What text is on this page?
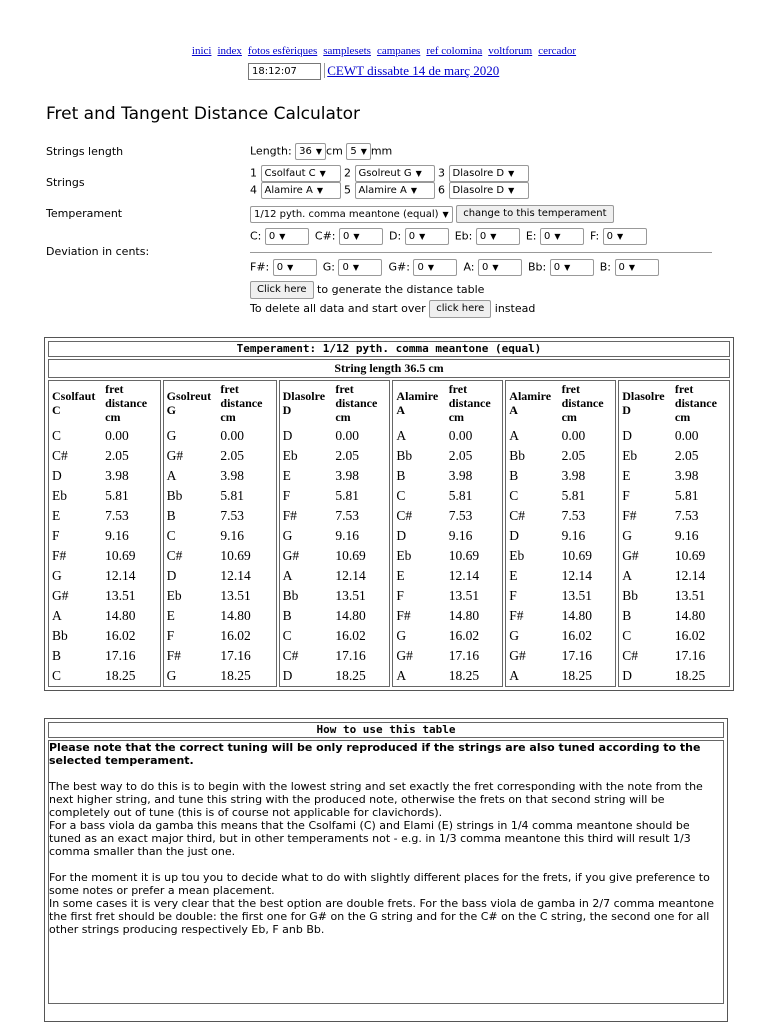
inici index fotos esfèriques samplesets campanes ref colomina voltforum cercador
18:12:07 CEWT dissabte 14 de març 2020
Fret and Tangent Distance Calculator
Strings length	Length: 36 ▼ cm 5 ▼ mm
Strings
1 Csolfaut C ▼ 2 Gsolreut G ▼ 3 Dlasolre D ▼
4 Alamire A ▼ 5 Alamire A ▼ 6 Dlasolre D ▼
Temperament	1/12 pyth. comma meantone (equal) ▼ change to this temperament
C: 0 ▼	C#: 0 ▼	D: 0 ▼	Eb: 0 ▼	E: 0 ▼	F: 0 ▼
Deviation in cents:
F#: 0 ▼	G: 0 ▼	G#: 0 ▼	A: 0 ▼	Bb: 0 ▼	B: 0 ▼
Click here to generate the distance table
To delete all data and start over click here instead
Temperament: 1/12 pyth. comma meantone (equal)
String length 36.5 cm

Csolfaut C	fret distance cm
C	0.00
C#	2.05
D	3.98
Eb	5.81
E	7.53
F	9.16
F#	10.69
G	12.14
G#	13.51
A	14.80
Bb	16.02
B	17.16
C	18.25

Gsolreut G	fret distance cm
G	0.00
G#	2.05
A	3.98
Bb	5.81
B	7.53
C	9.16
C#	10.69
D	12.14
Eb	13.51
E	14.80
F	16.02
F#	17.16
G	18.25

Dlasolre D	fret distance cm
D	0.00
Eb	2.05
E	3.98
F	5.81
F#	7.53
G	9.16
G#	10.69
A	12.14
Bb	13.51
B	14.80
C	16.02
C#	17.16
D	18.25

Alamire A	fret distance cm
A	0.00
Bb	2.05
B	3.98
C	5.81
C#	7.53
D	9.16
Eb	10.69
E	12.14
F	13.51
F#	14.80
G	16.02
G#	17.16
A	18.25

Alamire A	fret distance cm
A	0.00
Bb	2.05
B	3.98
C	5.81
C#	7.53
D	9.16
Eb	10.69
E	12.14
F	13.51
F#	14.80
G	16.02
G#	17.16
A	18.25

Dlasolre D	fret distance cm
D	0.00
Eb	2.05
E	3.98
F	5.81
F#	7.53
G	9.16
G#	10.69
A	12.14
Bb	13.51
B	14.80
C	16.02
C#	17.16
D	18.25
How to use this table

Please note that the correct tuning will be only reproduced if the strings are also tuned according to the selected temperament.

The best way to do this is to begin with the lowest string and set exactly the fret corresponding with the note from the next higher string, and tune this string with the produced note, otherwise the frets on that second string will be completely out of tune (this is of course not applicable for clavichords).

For a bass viola da gamba this means that the Csolfami (C) and Elami (E) strings in 1/4 comma meantone should be tuned as an exact major third, but in other temperaments not - e.g. in 1/3 comma meantone this third will result 1/3 comma smaller than the just one.

For the moment it is up tou you to decide what to do with slightly different places for the frets, if you give preference to some notes or prefer a mean placement.

In some cases it is very clear that the best option are double frets. For the bass viola de gamba in 2/7 comma meantone the first fret should be double: the first one for G# on the G string and for the C# on the C string, the second one for all other strings producing respectively Eb, F anb Bb.
